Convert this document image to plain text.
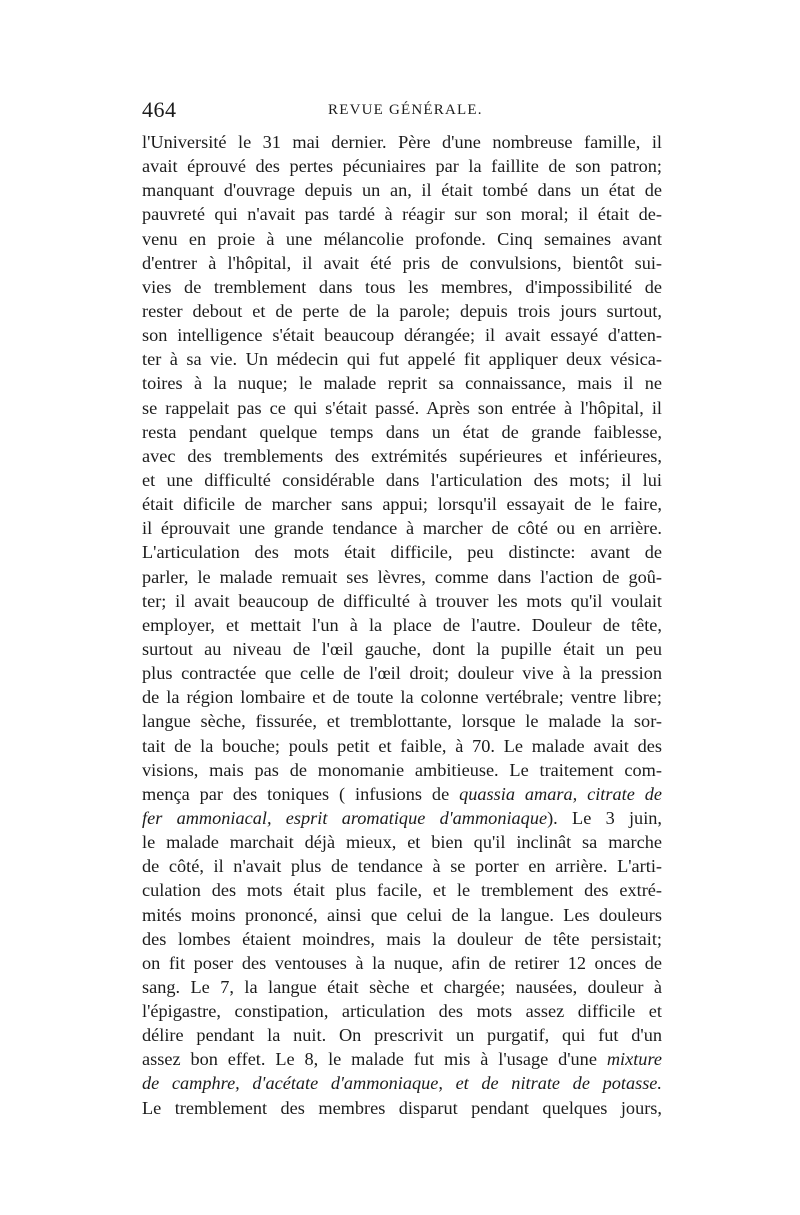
464	REVUE GÉNÉRALE.
l'Université le 31 mai dernier. Père d'une nombreuse famille, il
avait éprouvé des pertes pécuniaires par la faillite de son patron;
manquant d'ouvrage depuis un an, il était tombé dans un état de
pauvreté qui n'avait pas tardé à réagir sur son moral; il était de-
venu en proie à une mélancolie profonde. Cinq semaines avant
d'entrer à l'hôpital, il avait été pris de convulsions, bientôt sui-
vies de tremblement dans tous les membres, d'impossibilité de
rester debout et de perte de la parole; depuis trois jours surtout,
son intelligence s'était beaucoup dérangée; il avait essayé d'atten-
ter à sa vie. Un médecin qui fut appelé fit appliquer deux vésica-
toires à la nuque; le malade reprit sa connaissance, mais il ne
se rappelait pas ce qui s'était passé. Après son entrée à l'hôpital, il
resta pendant quelque temps dans un état de grande faiblesse,
avec des tremblements des extrémités supérieures et inférieures,
et une difficulté considérable dans l'articulation des mots; il lui
était dificile de marcher sans appui; lorsqu'il essayait de le faire,
il éprouvait une grande tendance à marcher de côté ou en arrière.
L'articulation des mots était difficile, peu distincte: avant de
parler, le malade remuait ses lèvres, comme dans l'action de goû-
ter; il avait beaucoup de difficulté à trouver les mots qu'il voulait
employer, et mettait l'un à la place de l'autre. Douleur de tête,
surtout au niveau de l'œil gauche, dont la pupille était un peu
plus contractée que celle de l'œil droit; douleur vive à la pression
de la région lombaire et de toute la colonne vertébrale; ventre libre;
langue sèche, fissurée, et tremblottante, lorsque le malade la sor-
tait de la bouche; pouls petit et faible, à 70. Le malade avait des
visions, mais pas de monomanie ambitieuse. Le traitement com-
mença par des toniques ( infusions de quassia amara, citrate de
fer ammoniacal, esprit aromatique d'ammoniaque). Le 3 juin,
le malade marchait déjà mieux, et bien qu'il inclinât sa marche
de côté, il n'avait plus de tendance à se porter en arrière. L'arti-
culation des mots était plus facile, et le tremblement des extré-
mités moins prononcé, ainsi que celui de la langue. Les douleurs
des lombes étaient moindres, mais la douleur de tête persistait;
on fit poser des ventouses à la nuque, afin de retirer 12 onces de
sang. Le 7, la langue était sèche et chargée; nausées, douleur à
l'épigastre, constipation, articulation des mots assez difficile et
délire pendant la nuit. On prescrivit un purgatif, qui fut d'un
assez bon effet. Le 8, le malade fut mis à l'usage d'une mixture
de camphre, d'acétate d'ammoniaque, et de nitrate de potasse.
Le tremblement des membres disparut pendant quelques jours,
